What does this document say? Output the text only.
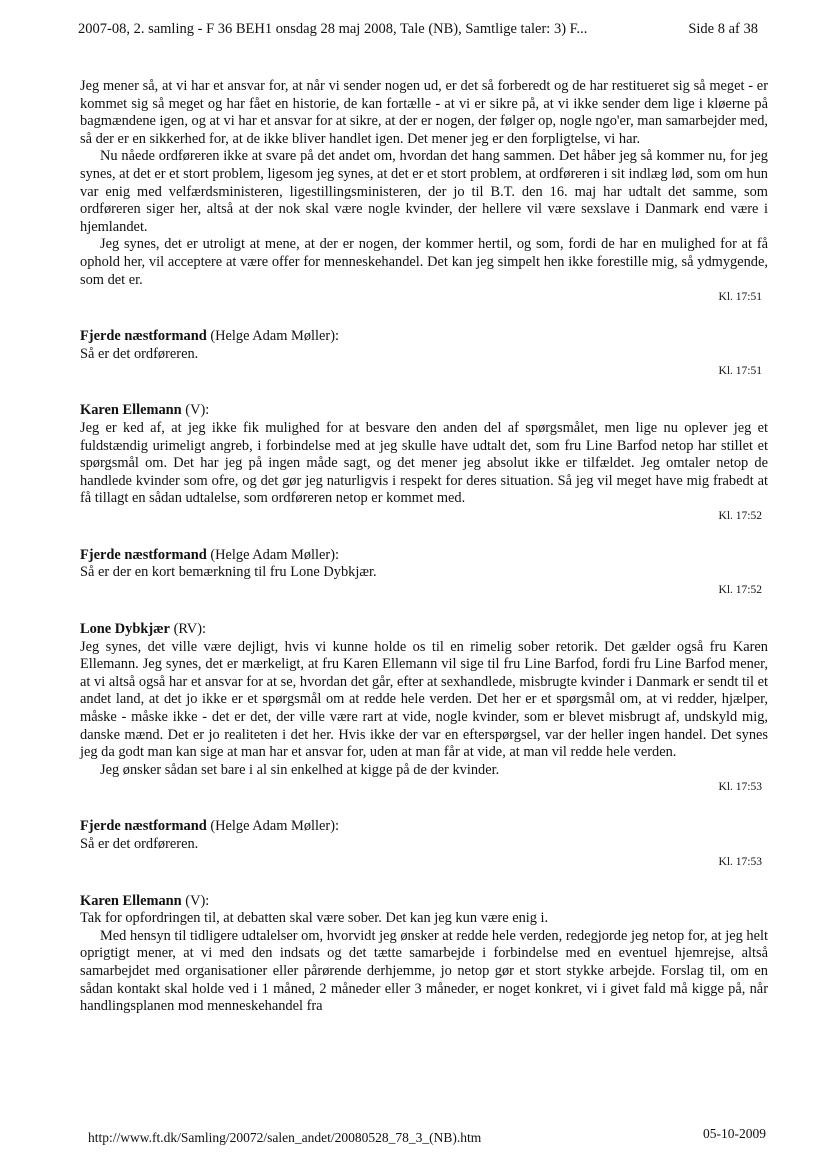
2007-08, 2. samling - F 36 BEH1 onsdag 28 maj 2008, Tale (NB), Samtlige taler: 3) F...	Side 8 af 38

Jeg mener så, at vi har et ansvar for, at når vi sender nogen ud, er det så forberedt og de har restitueret sig så meget - er kommet sig så meget og har fået en historie, de kan fortælle - at vi er sikre på, at vi ikke sender dem lige i kløerne på bagmændene igen, og at vi har et ansvar for at sikre, at der er nogen, der følger op, nogle ngo'er, man samarbejder med, så der er en sikkerhed for, at de ikke bliver handlet igen. Det mener jeg er den forpligtelse, vi har.

Nu nåede ordføreren ikke at svare på det andet om, hvordan det hang sammen. Det håber jeg så kommer nu, for jeg synes, at det er et stort problem, ligesom jeg synes, at det er et stort problem, at ordføreren i sit indlæg lød, som om hun var enig med velfærdsministeren, ligestillingsministeren, der jo til B.T. den 16. maj har udtalt det samme, som ordføreren siger her, altså at der nok skal være nogle kvinder, der hellere vil være sexslave i Danmark end være i hjemlandet.

Jeg synes, det er utroligt at mene, at der er nogen, der kommer hertil, og som, fordi de har en mulighed for at få ophold her, vil acceptere at være offer for menneskehandel. Det kan jeg simpelt hen ikke forestille mig, så ydmygende, som det er.

Kl. 17:51
Fjerde næstformand (Helge Adam Møller):

Så er det ordføreren.

Kl. 17:51
Karen Ellemann (V):

Jeg er ked af, at jeg ikke fik mulighed for at besvare den anden del af spørgsmålet, men lige nu oplever jeg et fuldstændig urimeligt angreb, i forbindelse med at jeg skulle have udtalt det, som fru Line Barfod netop har stillet et spørgsmål om. Det har jeg på ingen måde sagt, og det mener jeg absolut ikke er tilfældet. Jeg omtaler netop de handlede kvinder som ofre, og det gør jeg naturligvis i respekt for deres situation. Så jeg vil meget have mig frabedt at få tillagt en sådan udtalelse, som ordføreren netop er kommet med.

Kl. 17:52
Fjerde næstformand (Helge Adam Møller):

Så er der en kort bemærkning til fru Lone Dybkjær.

Kl. 17:52
Lone Dybkjær (RV):

Jeg synes, det ville være dejligt, hvis vi kunne holde os til en rimelig sober retorik. Det gælder også fru Karen Ellemann. Jeg synes, det er mærkeligt, at fru Karen Ellemann vil sige til fru Line Barfod, fordi fru Line Barfod mener, at vi altså også har et ansvar for at se, hvordan det går, efter at sexhandlede, misbrugte kvinder i Danmark er sendt til et andet land, at det jo ikke er et spørgsmål om at redde hele verden. Det her er et spørgsmål om, at vi redder, hjælper, måske - måske ikke - det er det, der ville være rart at vide, nogle kvinder, som er blevet misbrugt af, undskyld mig, danske mænd. Det er jo realiteten i det her. Hvis ikke der var en efterspørgsel, var der heller ingen handel. Det synes jeg da godt man kan sige at man har et ansvar for, uden at man får at vide, at man vil redde hele verden.

Jeg ønsker sådan set bare i al sin enkelhed at kigge på de der kvinder.

Kl. 17:53
Fjerde næstformand (Helge Adam Møller):

Så er det ordføreren.

Kl. 17:53
Karen Ellemann (V):

Tak for opfordringen til, at debatten skal være sober. Det kan jeg kun være enig i.

Med hensyn til tidligere udtalelser om, hvorvidt jeg ønsker at redde hele verden, redegjorde jeg netop for, at jeg helt oprigtigt mener, at vi med den indsats og det tætte samarbejde i forbindelse med en eventuel hjemrejse, altså samarbejdet med organisationer eller pårørende derhjemme, jo netop gør et stort stykke arbejde. Forslag til, om en sådan kontakt skal holde ved i 1 måned, 2 måneder eller 3 måneder, er noget konkret, vi i givet fald må kigge på, når handlingsplanen mod menneskehandel fra

http://www.ft.dk/Samling/20072/salen_andet/20080528_78_3_(NB).htm	05-10-2009
